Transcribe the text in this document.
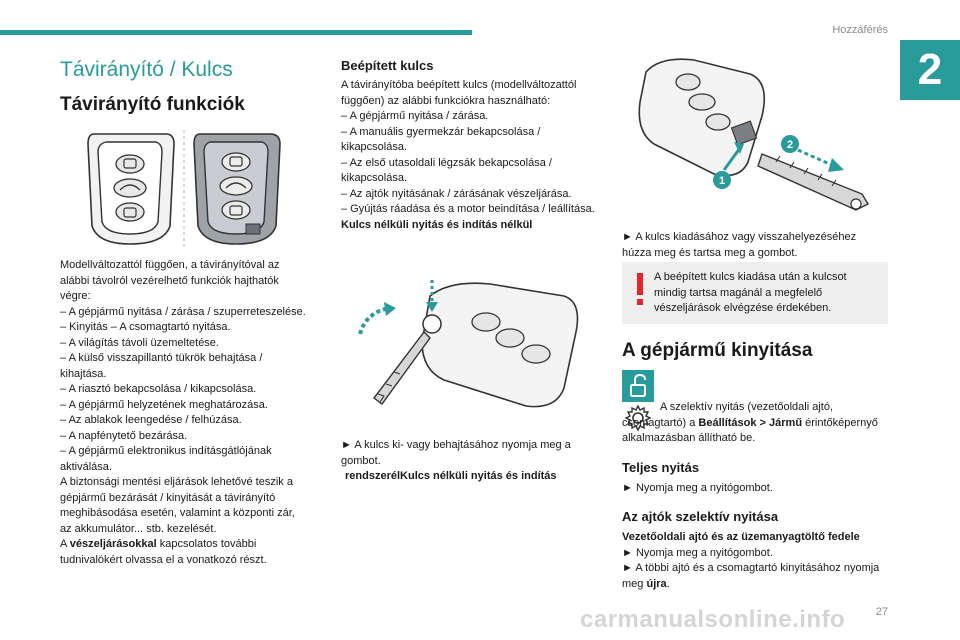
Hozzáférés
2
Távirányító / Kulcs
Távirányító funkciók

Modellváltozattól függően, a távirányítóval az alábbi távolról vezérelhető funkciók hajthatók végre:

– A gépjármű nyitása / zárása / szuperreteszelése.

– Kinyitás – A csomagtartó nyitása.

– A világítás távoli üzemeltetése.

– A külső visszapillantó tükrök behajtása / kihajtása.

– A riasztó bekapcsolása / kikapcsolása.

– A gépjármű helyzetének meghatározása.

– Az ablakok leengedése / felhúzása.

– A napfénytető bezárása.

– A gépjármű elektronikus indításgátlójának aktiválása.

A biztonsági mentési eljárások lehetővé teszik a gépjármű bezárását / kinyitását a távirányító meghibásodása esetén, valamint a központi zár, az akkumulátor... stb. kezelését.

A vészeljárásokkal kapcsolatos további tudnivalókért olvassa el a vonatkozó részt.

Beépített kulcs

A távirányítóba beépített kulcs (modellváltozattól függően) az alábbi funkciókra használható:

– A gépjármű nyitása / zárása.

– A manuális gyermekzár bekapcsolása / kikapcsolása.

– Az első utasoldali légzsák bekapcsolása / kikapcsolása.

– Az ajtók nyitásának / zárásának vészeljárása.

– Gyújtás ráadása és a motor beindítása / leállítása.

Kulcs nélküli nyitás és indítás nélkül

► A kulcs ki- vagy behajtásához nyomja meg a gombot.

rendszerélKulcs nélküli nyitás és indítás

1
2

► A kulcs kiadásához vagy visszahelyezéséhez húzza meg és tartsa meg a gombot.

A beépített kulcs kiadása után a kulcsot mindig tartsa magánál a megfelelő vészeljárások elvégzése érdekében.
A gépjármű kinyitása

A szelektív nyitás (vezetőoldali ajtó, csomagtartó) a Beállítások > Jármű érintőképernyő alkalmazásban állítható be.

Teljes nyitás

► Nyomja meg a nyitógombot.

Az ajtók szelektív nyitása

Vezetőoldali ajtó és az üzemanyagtöltő fedele

► Nyomja meg a nyitógombot.

► A többi ajtó és a csomagtartó kinyitásához nyomja meg újra.

carmanualsonline.info	27
